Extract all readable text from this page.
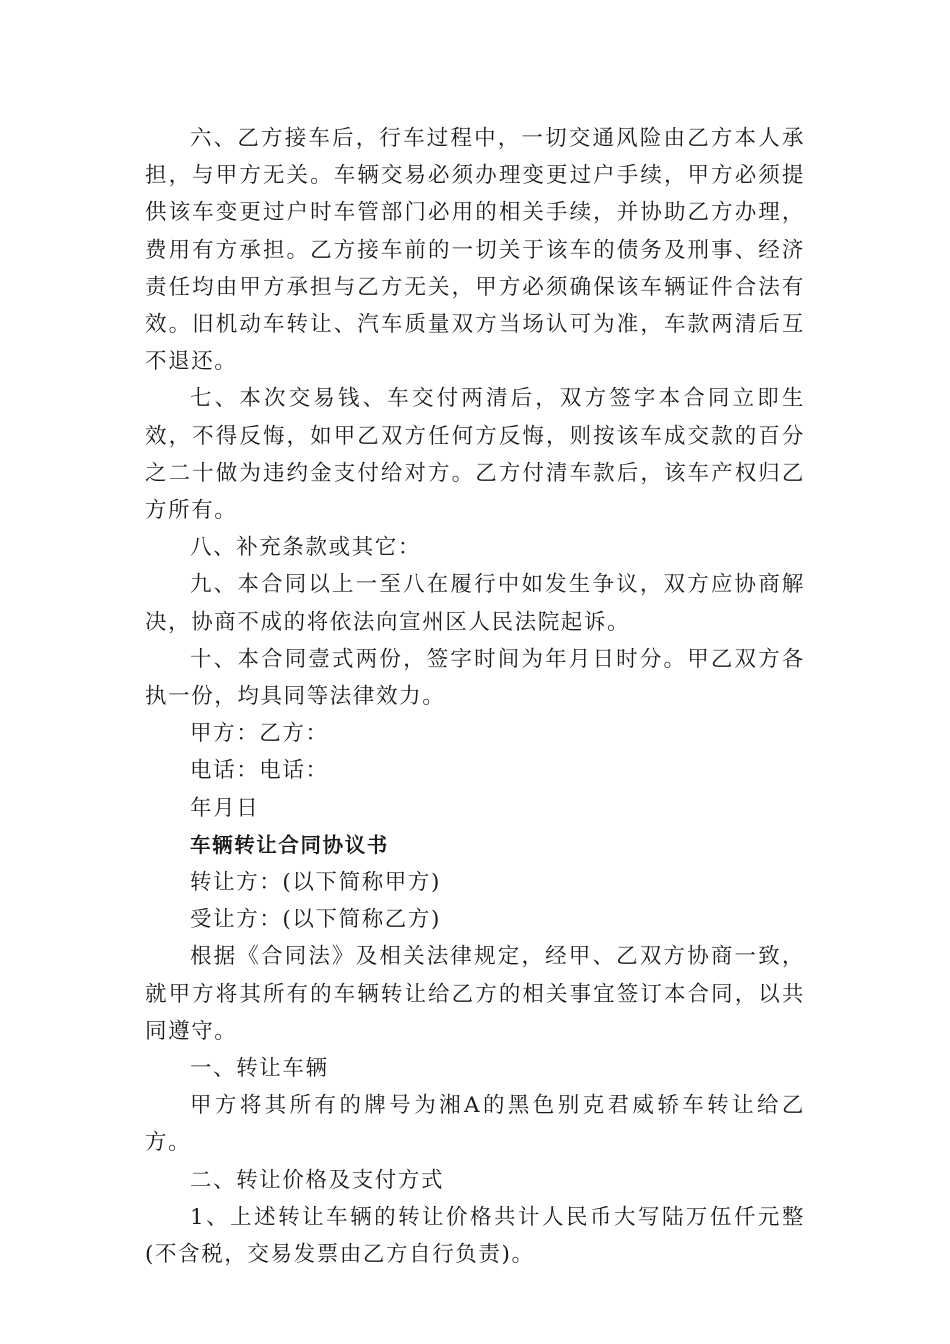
六、乙方接车后，行车过程中，一切交通风险由乙方本人承担，与甲方无关。车辆交易必须办理变更过户手续，甲方必须提供该车变更过户时车管部门必用的相关手续，并协助乙方办理，费用有方承担。乙方接车前的一切关于该车的债务及刑事、经济责任均由甲方承担与乙方无关，甲方必须确保该车辆证件合法有效。旧机动车转让、汽车质量双方当场认可为准，车款两清后互不退还。

七、本次交易钱、车交付两清后，双方签字本合同立即生效，不得反悔，如甲乙双方任何方反悔，则按该车成交款的百分之二十做为违约金支付给对方。乙方付清车款后，该车产权归乙方所有。

八、补充条款或其它：

九、本合同以上一至八在履行中如发生争议，双方应协商解决，协商不成的将依法向宣州区人民法院起诉。

十、本合同壹式两份，签字时间为年月日时分。甲乙双方各执一份，均具同等法律效力。

甲方：乙方：

电话：电话：

年月日

车辆转让合同协议书

转让方：(以下简称甲方)

受让方：(以下简称乙方)

根据《合同法》及相关法律规定，经甲、乙双方协商一致，就甲方将其所有的车辆转让给乙方的相关事宜签订本合同，以共同遵守。

一、转让车辆

甲方将其所有的牌号为湘A的黑色别克君威轿车转让给乙方。

二、转让价格及支付方式

1、上述转让车辆的转让价格共计人民币大写陆万伍仟元整(不含税，交易发票由乙方自行负责)。
